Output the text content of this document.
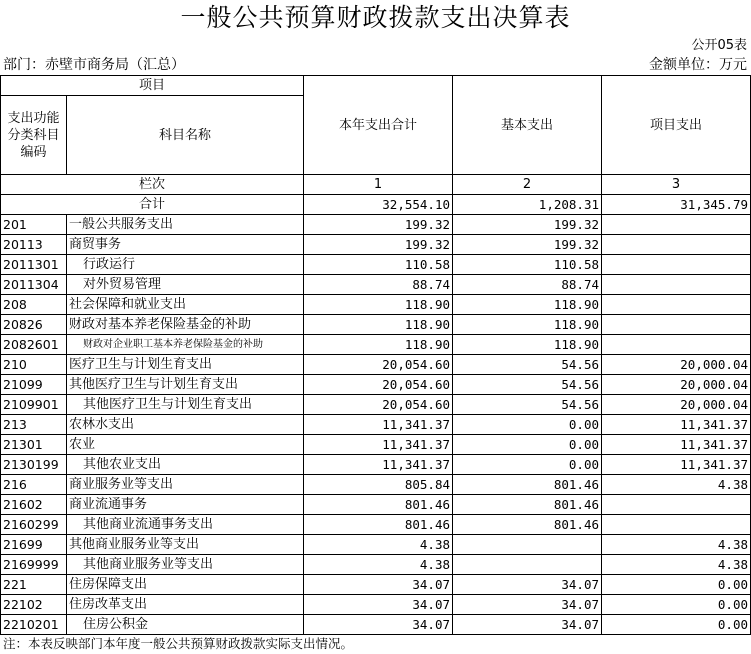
一般公共预算财政拨款支出决算表
公开05表
部门：赤壁市商务局（汇总）	金额单位：万元
项目		本年支出合计	基本支出	项目支出
支出功能分类科目编码	科目名称			
栏次		1	2	3
合计		32,554.10	1,208.31	31,345.79
201	一般公共服务支出	199.32	199.32	
20113	商贸事务	199.32	199.32	
2011301	行政运行	110.58	110.58	
2011304	对外贸易管理	88.74	88.74	
208	社会保障和就业支出	118.90	118.90	
20826	财政对基本养老保险基金的补助	118.90	118.90	
2082601	财政对企业职工基本养老保险基金的补助	118.90	118.90	
210	医疗卫生与计划生育支出	20,054.60	54.56	20,000.04
21099	其他医疗卫生与计划生育支出	20,054.60	54.56	20,000.04
2109901	其他医疗卫生与计划生育支出	20,054.60	54.56	20,000.04
213	农林水支出	11,341.37	0.00	11,341.37
21301	农业	11,341.37	0.00	11,341.37
2130199	其他农业支出	11,341.37	0.00	11,341.37
216	商业服务业等支出	805.84	801.46	4.38
21602	商业流通事务	801.46	801.46	
2160299	其他商业流通事务支出	801.46	801.46	
21699	其他商业服务业等支出	4.38		4.38
2169999	其他商业服务业等支出	4.38		4.38
221	住房保障支出	34.07	34.07	0.00
22102	住房改革支出	34.07	34.07	0.00
2210201	住房公积金	34.07	34.07	0.00
注：本表反映部门本年度一般公共预算财政拨款实际支出情况。
